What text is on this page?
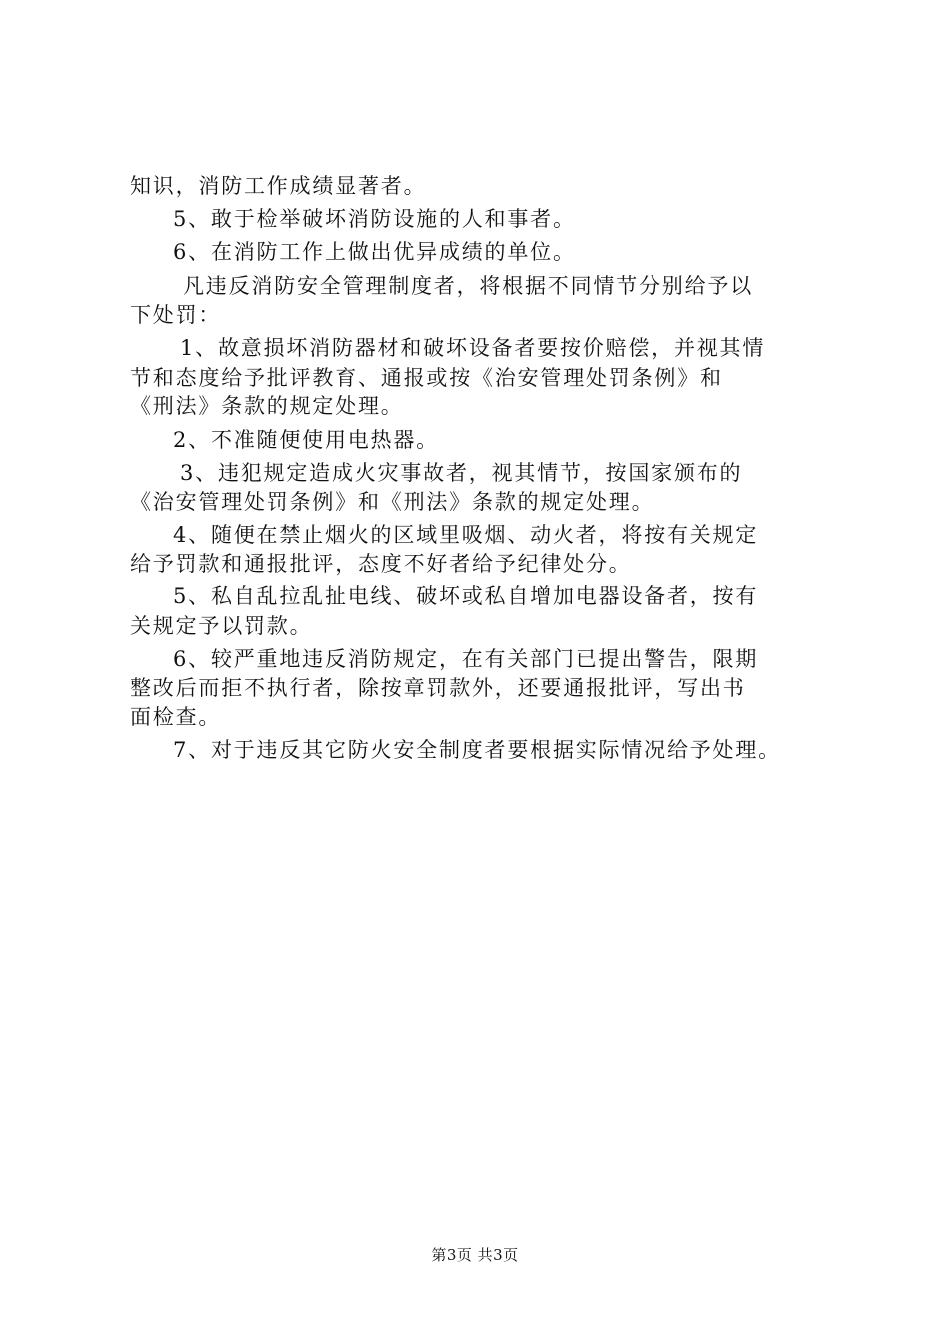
知识，消防工作成绩显著者。
5、敢于检举破坏消防设施的人和事者。
6、在消防工作上做出优异成绩的单位。
凡违反消防安全管理制度者，将根据不同情节分别给予以
下处罚：
1、故意损坏消防器材和破坏设备者要按价赔偿，并视其情
节和态度给予批评教育、通报或按《治安管理处罚条例》和
《刑法》条款的规定处理。
2、不准随便使用电热器。
3、违犯规定造成火灾事故者，视其情节，按国家颁布的
《治安管理处罚条例》和《刑法》条款的规定处理。
4、随便在禁止烟火的区域里吸烟、动火者，将按有关规定
给予罚款和通报批评，态度不好者给予纪律处分。
5、私自乱拉乱扯电线、破坏或私自增加电器设备者，按有
关规定予以罚款。
6、较严重地违反消防规定，在有关部门已提出警告，限期
整改后而拒不执行者，除按章罚款外，还要通报批评，写出书
面检查。
7、对于违反其它防火安全制度者要根据实际情况给予处理。
第3页 共3页
